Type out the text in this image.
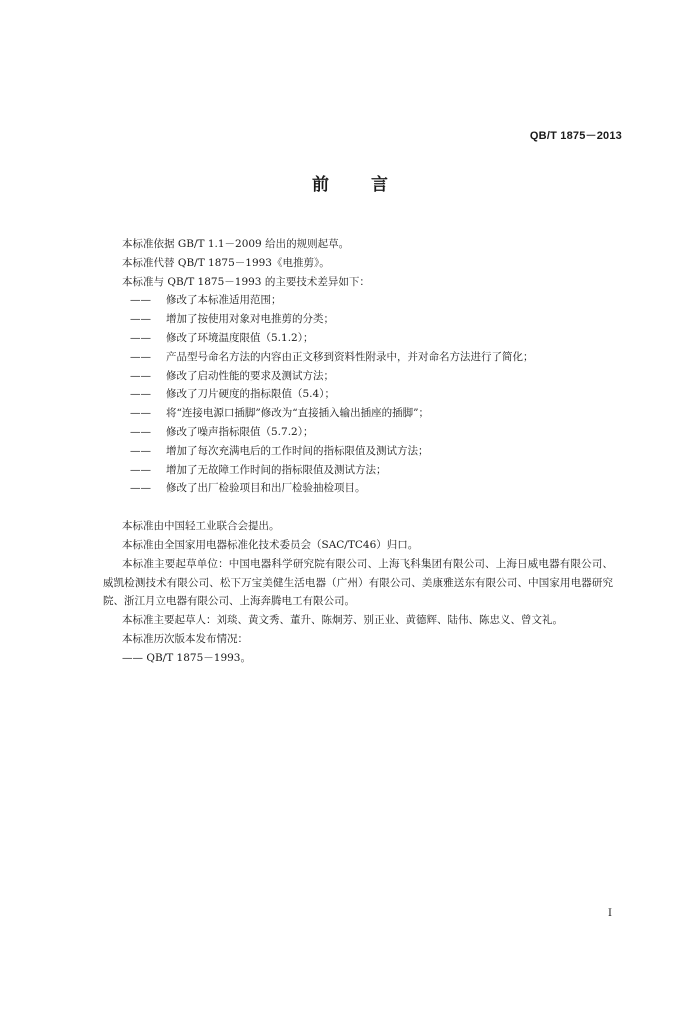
QB/T 1875－2013
前 言

本标准依据 GB/T 1.1－2009 给出的规则起草。

本标准代替 QB/T 1875－1993《电推剪》。

本标准与 QB/T 1875－1993 的主要技术差异如下：

—— 修改了本标准适用范围；

—— 增加了按使用对象对电推剪的分类；

—— 修改了环境温度限值（5.1.2）；

—— 产品型号命名方法的内容由正文移到资料性附录中，并对命名方法进行了简化；

—— 修改了启动性能的要求及测试方法；

—— 修改了刀片硬度的指标限值（5.4）；

—— 将“连接电源口插脚”修改为“直接插入输出插座的插脚”；

—— 修改了噪声指标限值（5.7.2）；

—— 增加了每次充满电后的工作时间的指标限值及测试方法；

—— 增加了无故障工作时间的指标限值及测试方法；

—— 修改了出厂检验项目和出厂检验抽检项目。

本标准由中国轻工业联合会提出。

本标准由全国家用电器标准化技术委员会（SAC/TC46）归口。

本标准主要起草单位：中国电器科学研究院有限公司、上海飞科集团有限公司、上海日威电器有限公司、威凯检测技术有限公司、松下万宝美健生活电器（广州）有限公司、美康雅送东有限公司、中国家用电器研究院、浙江月立电器有限公司、上海奔腾电工有限公司。

本标准主要起草人：刘琰、黄文秀、董升、陈炯芳、别正业、黄德辉、陆伟、陈忠义、曾文礼。

本标准历次版本发布情况：

—— QB/T 1875－1993。

I
